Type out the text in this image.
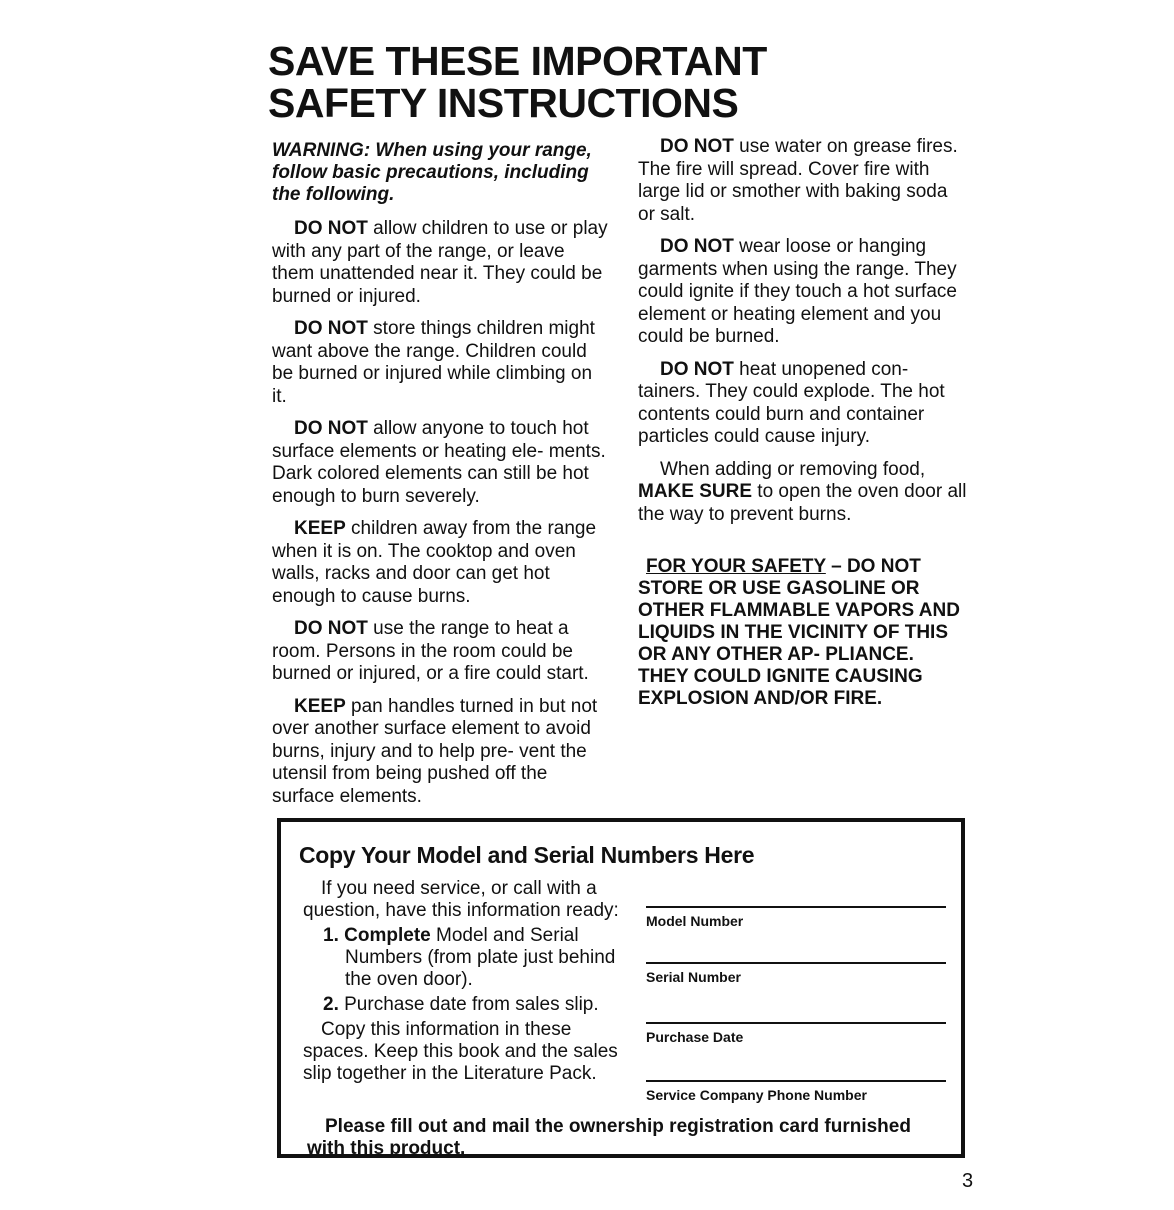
SAVE THESE IMPORTANT
SAFETY INSTRUCTIONS

WARNING: When using your range, follow basic precautions, including the following.

DO NOT allow children to use or play with any part of the range, or leave them unattended near it. They could be burned or injured.

DO NOT store things children might want above the range. Children could be burned or injured while climbing on it.

DO NOT allow anyone to touch hot surface elements or heating ele- ments. Dark colored elements can still be hot enough to burn severely.

KEEP children away from the range when it is on. The cooktop and oven walls, racks and door can get hot enough to cause burns.

DO NOT use the range to heat a room. Persons in the room could be burned or injured, or a fire could start.

KEEP pan handles turned in but not over another surface element to avoid burns, injury and to help pre- vent the utensil from being pushed off the surface elements.

DO NOT use water on grease fires. The fire will spread. Cover fire with large lid or smother with baking soda or salt.

DO NOT wear loose or hanging garments when using the range. They could ignite if they touch a hot surface element or heating element and you could be burned.

DO NOT heat unopened con- tainers. They could explode. The hot contents could burn and container particles could cause injury.

When adding or removing food, MAKE SURE to open the oven door all the way to prevent burns.

FOR YOUR SAFETY – DO NOT STORE OR USE GASOLINE OR OTHER FLAMMABLE VAPORS AND LIQUIDS IN THE VICINITY OF THIS OR ANY OTHER AP- PLIANCE. THEY COULD IGNITE CAUSING EXPLOSION AND/OR FIRE.

Copy Your Model and Serial Numbers Here

If you need service, or call with a question, have this information ready:

1. Complete Model and Serial Numbers (from plate just behind the oven door).

2. Purchase date from sales slip.

Copy this information in these spaces. Keep this book and the sales slip together in the Literature Pack.

Model Number
Serial Number
Purchase Date
Service Company Phone Number

Please fill out and mail the ownership registration card furnished with this product.

3
